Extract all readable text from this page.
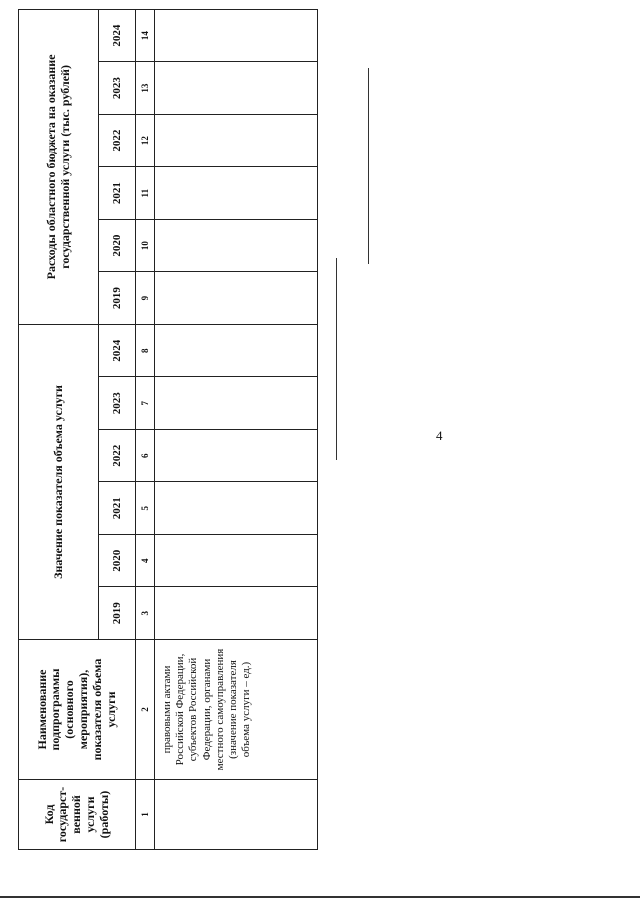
4
Код государст-венной услуги (работы)	Наименование подпрограммы (основного мероприятия), показателя объема услуги	Значение показателя объема услуги						Расходы областного бюджета на оказание государственной услуги (тыс. рублей)					
		2019	2020	2021	2022	2023	2024	2019	2020	2021	2022	2023	2024
1	2	3	4	5	6	7	8	9	10	11	12	13	14
	правовыми актами Российской Федерации, субъектов Российской Федерации, органами местного самоуправления (значение показателя объема услуги – ед.)												
